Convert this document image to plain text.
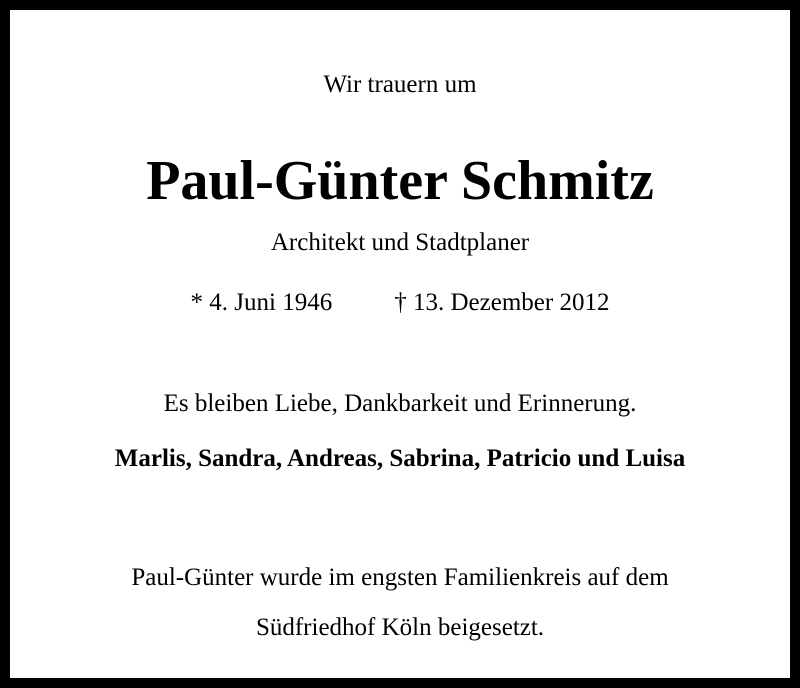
Wir trauern um
Paul-Günter Schmitz
Architekt und Stadtplaner
* 4. Juni 1946 † 13. Dezember 2012
Es bleiben Liebe, Dankbarkeit und Erinnerung.
Marlis, Sandra, Andreas, Sabrina, Patricio und Luisa
Paul-Günter wurde im engsten Familienkreis auf dem
Südfriedhof Köln beigesetzt.
